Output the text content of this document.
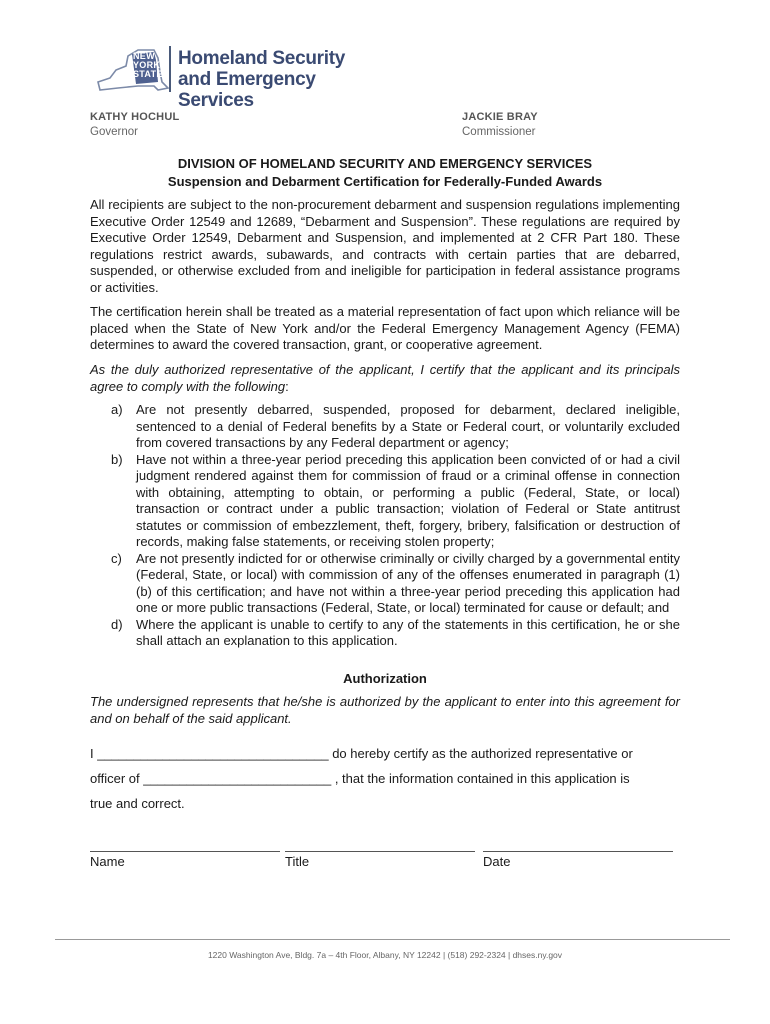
NEW YORK STATE
Homeland Security
and Emergency Services
KATHY HOCHUL
Governor
JACKIE BRAY
Commissioner
DIVISION OF HOMELAND SECURITY AND EMERGENCY SERVICES
Suspension and Debarment Certification for Federally-Funded Awards
All recipients are subject to the non-procurement debarment and suspension regulations implementing Executive Order 12549 and 12689, “Debarment and Suspension”. These regulations are required by Executive Order 12549, Debarment and Suspension, and implemented at 2 CFR Part 180. These regulations restrict awards, subawards, and contracts with certain parties that are debarred, suspended, or otherwise excluded from and ineligible for participation in federal assistance programs or activities.
The certification herein shall be treated as a material representation of fact upon which reliance will be placed when the State of New York and/or the Federal Emergency Management Agency (FEMA) determines to award the covered transaction, grant, or cooperative agreement.
As the duly authorized representative of the applicant, I certify that the applicant and its principals agree to comply with the following:
a) Are not presently debarred, suspended, proposed for debarment, declared ineligible, sentenced to a denial of Federal benefits by a State or Federal court, or voluntarily excluded from covered transactions by any Federal department or agency;
b) Have not within a three-year period preceding this application been convicted of or had a civil judgment rendered against them for commission of fraud or a criminal offense in connection with obtaining, attempting to obtain, or performing a public (Federal, State, or local) transaction or contract under a public transaction; violation of Federal or State antitrust statutes or commission of embezzlement, theft, forgery, bribery, falsification or destruction of records, making false statements, or receiving stolen property;
c) Are not presently indicted for or otherwise criminally or civilly charged by a governmental entity (Federal, State, or local) with commission of any of the offenses enumerated in paragraph (1)(b) of this certification; and have not within a three-year period preceding this application had one or more public transactions (Federal, State, or local) terminated for cause or default; and
d) Where the applicant is unable to certify to any of the statements in this certification, he or she shall attach an explanation to this application.
Authorization
The undersigned represents that he/she is authorized by the applicant to enter into this agreement for and on behalf of the said applicant.
I ________________________________ do hereby certify as the authorized representative or
officer of __________________________ , that the information contained in this application is
true and correct.
Name	Title	Date
1220 Washington Ave, Bldg. 7a – 4th Floor, Albany, NY 12242 | (518) 292-2324 | dhses.ny.gov
